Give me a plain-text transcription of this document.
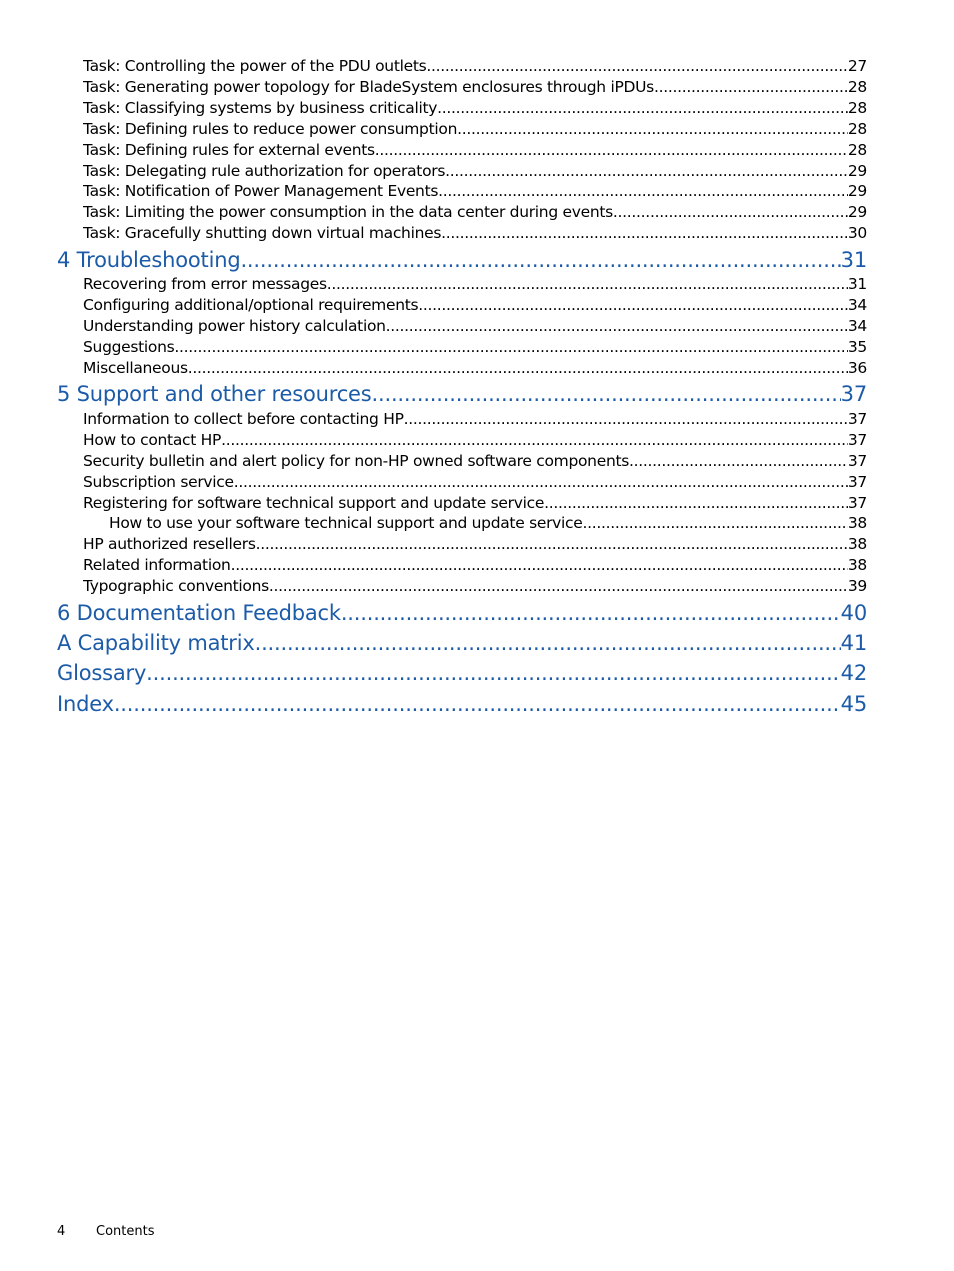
Task: Controlling the power of the PDU outlets .....	27
Task: Generating power topology for BladeSystem enclosures through iPDUs .....	28
Task: Classifying systems by business criticality .....	28
Task: Defining rules to reduce power consumption .....	28
Task: Defining rules for external events .....	28
Task: Delegating rule authorization for operators .....	29
Task: Notification of Power Management Events .....	29
Task: Limiting the power consumption in the data center during events .....	29
Task: Gracefully shutting down virtual machines .....	30
4 Troubleshooting .....	31
Recovering from error messages .....	31
Configuring additional/optional requirements .....	34
Understanding power history calculation .....	34
Suggestions .....	35
Miscellaneous .....	36
5 Support and other resources .....	37
Information to collect before contacting HP .....	37
How to contact HP .....	37
Security bulletin and alert policy for non-HP owned software components .....	37
Subscription service .....	37
Registering for software technical support and update service .....	37
How to use your software technical support and update service .....	38
HP authorized resellers .....	38
Related information .....	38
Typographic conventions .....	39
6 Documentation Feedback .....	40
A Capability matrix .....	41
Glossary .....	42
Index .....	45
4 Contents
